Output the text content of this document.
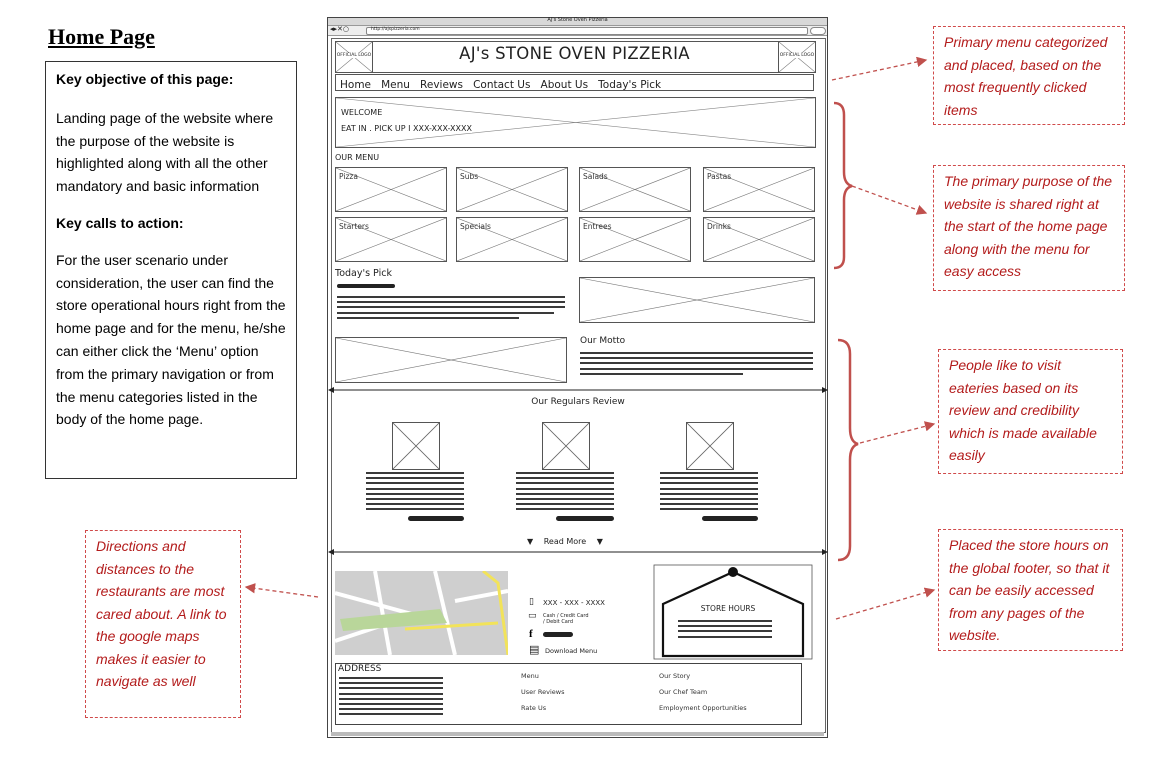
Home Page
Key objective of this page:
Landing page of the website where the purpose of the website is highlighted along with all the other mandatory and basic information
Key calls to action:
For the user scenario under consideration, the user can find the store operational hours right from the home page and for the menu, he/she can either click the ‘Menu’ option from the primary navigation or from the menu categories listed in the body of the home page.
AJ's Stone Oven Pizzeria
◂▸✕○	http://ajspizzeria.com
OFFICIAL LOGO	AJ's STONE OVEN PIZZERIA	OFFICIAL LOGO
Home Menu Reviews Contact Us About Us Today's Pick
WELCOME
EAT IN . PICK UP I XXX-XXX-XXXX
OUR MENU
Pizza	Subs	Salads	Pastas
Starters	Specials	Entrees	Drinks
Today's Pick
Our Motto
Our Regulars Review
▼ Read More ▼
▯ XXX - XXX - XXXX
▭ Cash / Credit Card
/ Debit Card
f
▤ Download Menu
STORE HOURS
ADDRESS
Menu
User Reviews
Rate Us
Our Story
Our Chef Team
Employment Opportunities
Primary menu categorized and placed, based on the most frequently clicked items
The primary purpose of the website is shared right at the start of the home page along with the menu for easy access
People like to visit eateries based on its review and credibility which is made available easily
Directions and distances to the restaurants are most cared about. A link to the google maps makes it easier to navigate as well
Placed the store hours on the global footer, so that it can be easily accessed from any pages of the website.
